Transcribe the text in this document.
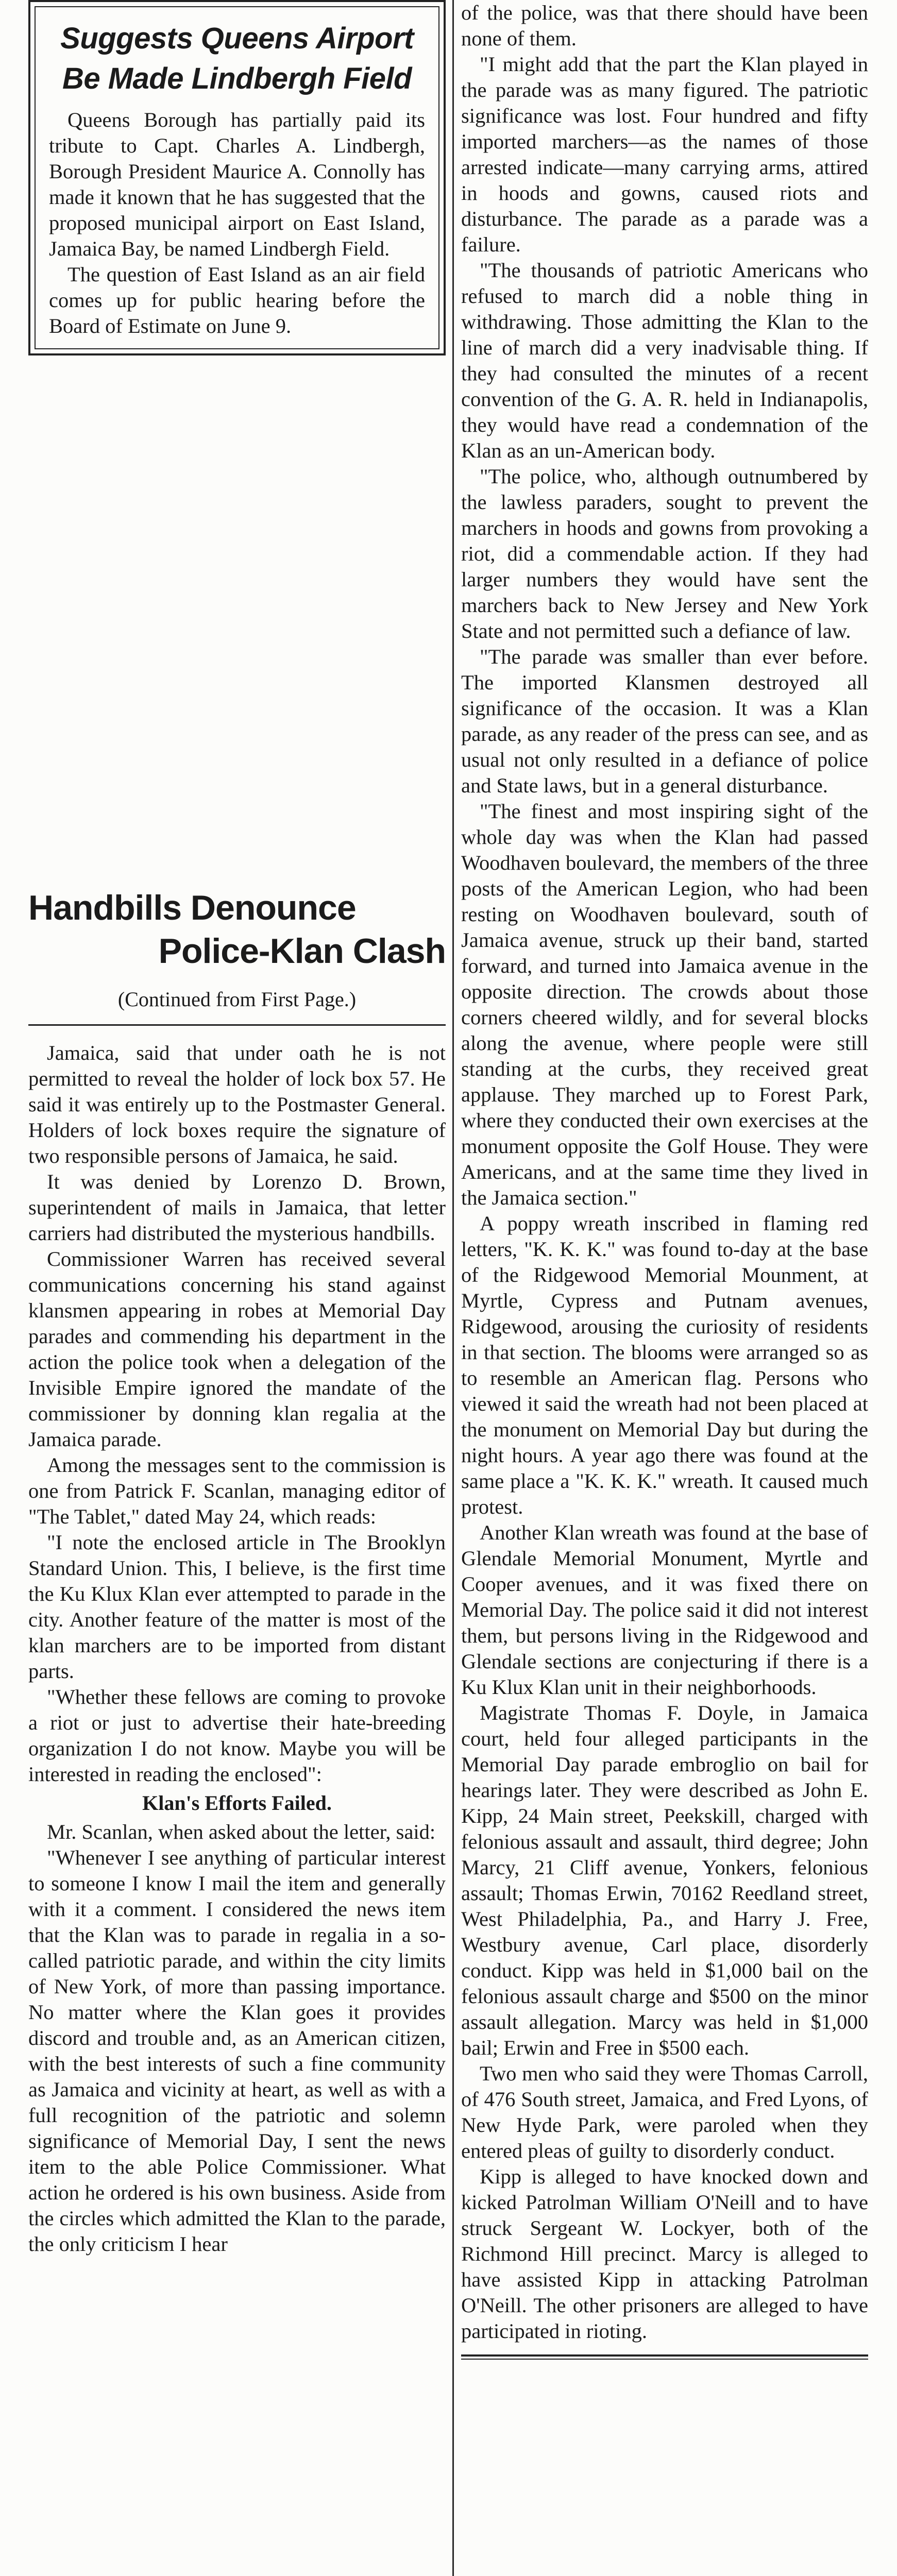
Suggests Queens Airport
Be Made Lindbergh Field

Queens Borough has partially paid its tribute to Capt. Charles A. Lindbergh, Borough President Maurice A. Connolly has made it known that he has suggested that the proposed municipal airport on East Island, Jamaica Bay, be named Lindbergh Field.

The question of East Island as an air field comes up for public hearing before the Board of Estimate on June 9.

Handbills Denounce
Police-Klan Clash
(Continued from First Page.)

Jamaica, said that under oath he is not permitted to reveal the holder of lock box 57. He said it was entirely up to the Postmaster General. Holders of lock boxes require the signature of two responsible persons of Jamaica, he said.

It was denied by Lorenzo D. Brown, superintendent of mails in Jamaica, that letter carriers had distributed the mysterious handbills.

Commissioner Warren has received several communications concerning his stand against klansmen appearing in robes at Memorial Day parades and commending his department in the action the police took when a delegation of the Invisible Empire ignored the mandate of the commissioner by donning klan regalia at the Jamaica parade.

Among the messages sent to the commission is one from Patrick F. Scanlan, managing editor of "The Tablet," dated May 24, which reads:

"I note the enclosed article in The Brooklyn Standard Union. This, I believe, is the first time the Ku Klux Klan ever attempted to parade in the city. Another feature of the matter is most of the klan marchers are to be imported from distant parts.

"Whether these fellows are coming to provoke a riot or just to advertise their hate-breeding organization I do not know. Maybe you will be interested in reading the enclosed":

Klan's Efforts Failed.

Mr. Scanlan, when asked about the letter, said:

"Whenever I see anything of particular interest to someone I know I mail the item and generally with it a comment. I considered the news item that the Klan was to parade in regalia in a so-called patriotic parade, and within the city limits of New York, of more than passing importance. No matter where the Klan goes it provides discord and trouble and, as an American citizen, with the best interests of such a fine community as Jamaica and vicinity at heart, as well as with a full recognition of the patriotic and solemn significance of Memorial Day, I sent the news item to the able Police Commissioner. What action he ordered is his own business. Aside from the circles which admitted the Klan to the parade, the only criticism I hear

of the police, was that there should have been none of them.

"I might add that the part the Klan played in the parade was as many figured. The patriotic significance was lost. Four hundred and fifty imported marchers—as the names of those arrested indicate—many carrying arms, attired in hoods and gowns, caused riots and disturbance. The parade as a parade was a failure.

"The thousands of patriotic Americans who refused to march did a noble thing in withdrawing. Those admitting the Klan to the line of march did a very inadvisable thing. If they had consulted the minutes of a recent convention of the G. A. R. held in Indianapolis, they would have read a condemnation of the Klan as an un-American body.

"The police, who, although outnumbered by the lawless paraders, sought to prevent the marchers in hoods and gowns from provoking a riot, did a commendable action. If they had larger numbers they would have sent the marchers back to New Jersey and New York State and not permitted such a defiance of law.

"The parade was smaller than ever before. The imported Klansmen destroyed all significance of the occasion. It was a Klan parade, as any reader of the press can see, and as usual not only resulted in a defiance of police and State laws, but in a general disturbance.

"The finest and most inspiring sight of the whole day was when the Klan had passed Woodhaven boulevard, the members of the three posts of the American Legion, who had been resting on Woodhaven boulevard, south of Jamaica avenue, struck up their band, started forward, and turned into Jamaica avenue in the opposite direction. The crowds about those corners cheered wildly, and for several blocks along the avenue, where people were still standing at the curbs, they received great applause. They marched up to Forest Park, where they conducted their own exercises at the monument opposite the Golf House. They were Americans, and at the same time they lived in the Jamaica section."

A poppy wreath inscribed in flaming red letters, "K. K. K." was found to-day at the base of the Ridgewood Memorial Mounment, at Myrtle, Cypress and Putnam avenues, Ridgewood, arousing the curiosity of residents in that section. The blooms were arranged so as to resemble an American flag. Persons who viewed it said the wreath had not been placed at the monument on Memorial Day but during the night hours. A year ago there was found at the same place a "K. K. K." wreath. It caused much protest.

Another Klan wreath was found at the base of Glendale Memorial Monument, Myrtle and Cooper avenues, and it was fixed there on Memorial Day. The police said it did not interest them, but persons living in the Ridgewood and Glendale sections are conjecturing if there is a Ku Klux Klan unit in their neighborhoods.

Magistrate Thomas F. Doyle, in Jamaica court, held four alleged participants in the Memorial Day parade embroglio on bail for hearings later. They were described as John E. Kipp, 24 Main street, Peekskill, charged with felonious assault and assault, third degree; John Marcy, 21 Cliff avenue, Yonkers, felonious assault; Thomas Erwin, 70162 Reedland street, West Philadelphia, Pa., and Harry J. Free, Westbury avenue, Carl place, disorderly conduct. Kipp was held in $1,000 bail on the felonious assault charge and $500 on the minor assault allegation. Marcy was held in $1,000 bail; Erwin and Free in $500 each.

Two men who said they were Thomas Carroll, of 476 South street, Jamaica, and Fred Lyons, of New Hyde Park, were paroled when they entered pleas of guilty to disorderly conduct.

Kipp is alleged to have knocked down and kicked Patrolman William O'Neill and to have struck Sergeant W. Lockyer, both of the Richmond Hill precinct. Marcy is alleged to have assisted Kipp in attacking Patrolman O'Neill. The other prisoners are alleged to have participated in rioting.
